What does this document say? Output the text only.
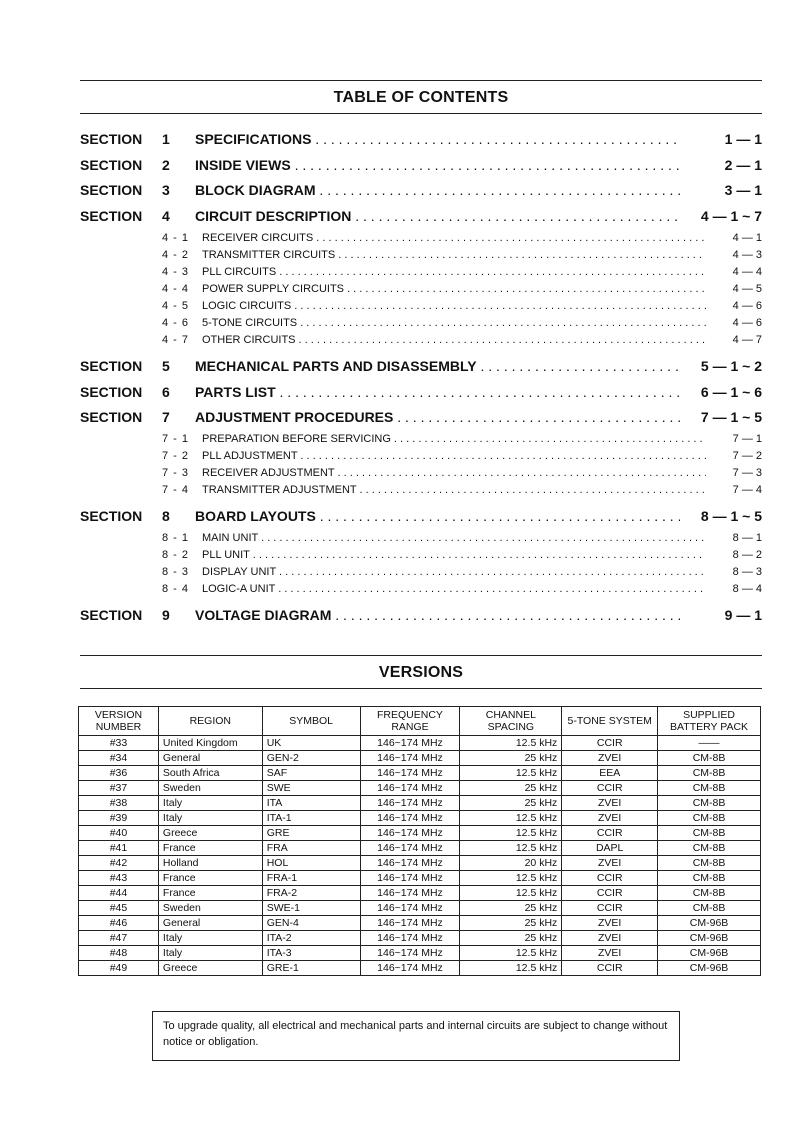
TABLE OF CONTENTS
SECTION 1 SPECIFICATIONS . . .	1 — 1
SECTION 2 INSIDE VIEWS . . .	2 — 1
SECTION 3 BLOCK DIAGRAM . . .	3 — 1
SECTION 4 CIRCUIT DESCRIPTION . . .	4 — 1 ~ 7
4 - 1 RECEIVER CIRCUITS . . .	4 — 1
4 - 2 TRANSMITTER CIRCUITS . . .	4 — 3
4 - 3 PLL CIRCUITS . . .	4 — 4
4 - 4 POWER SUPPLY CIRCUITS . . .	4 — 5
4 - 5 LOGIC CIRCUITS . . .	4 — 6
4 - 6 5-TONE CIRCUITS . . .	4 — 6
4 - 7 OTHER CIRCUITS . . .	4 — 7
SECTION 5 MECHANICAL PARTS AND DISASSEMBLY . . .	5 — 1 ~ 2
SECTION 6 PARTS LIST . . .	6 — 1 ~ 6
SECTION 7 ADJUSTMENT PROCEDURES . . .	7 — 1 ~ 5
7 - 1 PREPARATION BEFORE SERVICING . . .	7 — 1
7 - 2 PLL ADJUSTMENT . . .	7 — 2
7 - 3 RECEIVER ADJUSTMENT . . .	7 — 3
7 - 4 TRANSMITTER ADJUSTMENT . . .	7 — 4
SECTION 8 BOARD LAYOUTS . . .	8 — 1 ~ 5
8 - 1 MAIN UNIT . . .	8 — 1
8 - 2 PLL UNIT . . .	8 — 2
8 - 3 DISPLAY UNIT . . .	8 — 3
8 - 4 LOGIC-A UNIT . . .	8 — 4
SECTION 9 VOLTAGE DIAGRAM . . .	9 — 1
VERSIONS
VERSION NUMBER	REGION	SYMBOL	FREQUENCY RANGE	CHANNEL SPACING	5-TONE SYSTEM	SUPPLIED BATTERY PACK
#33	United Kingdom	UK	146~174 MHz	12.5 kHz	CCIR	——
#34	General	GEN-2	146~174 MHz	25 kHz	ZVEI	CM-8B
#36	South Africa	SAF	146~174 MHz	12.5 kHz	EEA	CM-8B
#37	Sweden	SWE	146~174 MHz	25 kHz	CCIR	CM-8B
#38	Italy	ITA	146~174 MHz	25 kHz	ZVEI	CM-8B
#39	Italy	ITA-1	146~174 MHz	12.5 kHz	ZVEI	CM-8B
#40	Greece	GRE	146~174 MHz	12.5 kHz	CCIR	CM-8B
#41	France	FRA	146~174 MHz	12.5 kHz	DAPL	CM-8B
#42	Holland	HOL	146~174 MHz	20 kHz	ZVEI	CM-8B
#43	France	FRA-1	146~174 MHz	12.5 kHz	CCIR	CM-8B
#44	France	FRA-2	146~174 MHz	12.5 kHz	CCIR	CM-8B
#45	Sweden	SWE-1	146~174 MHz	25 kHz	CCIR	CM-8B
#46	General	GEN-4	146~174 MHz	25 kHz	ZVEI	CM-96B
#47	Italy	ITA-2	146~174 MHz	25 kHz	ZVEI	CM-96B
#48	Italy	ITA-3	146~174 MHz	12.5 kHz	ZVEI	CM-96B
#49	Greece	GRE-1	146~174 MHz	12.5 kHz	CCIR	CM-96B
To upgrade quality, all electrical and mechanical parts and internal circuits are subject to change without notice or obligation.
